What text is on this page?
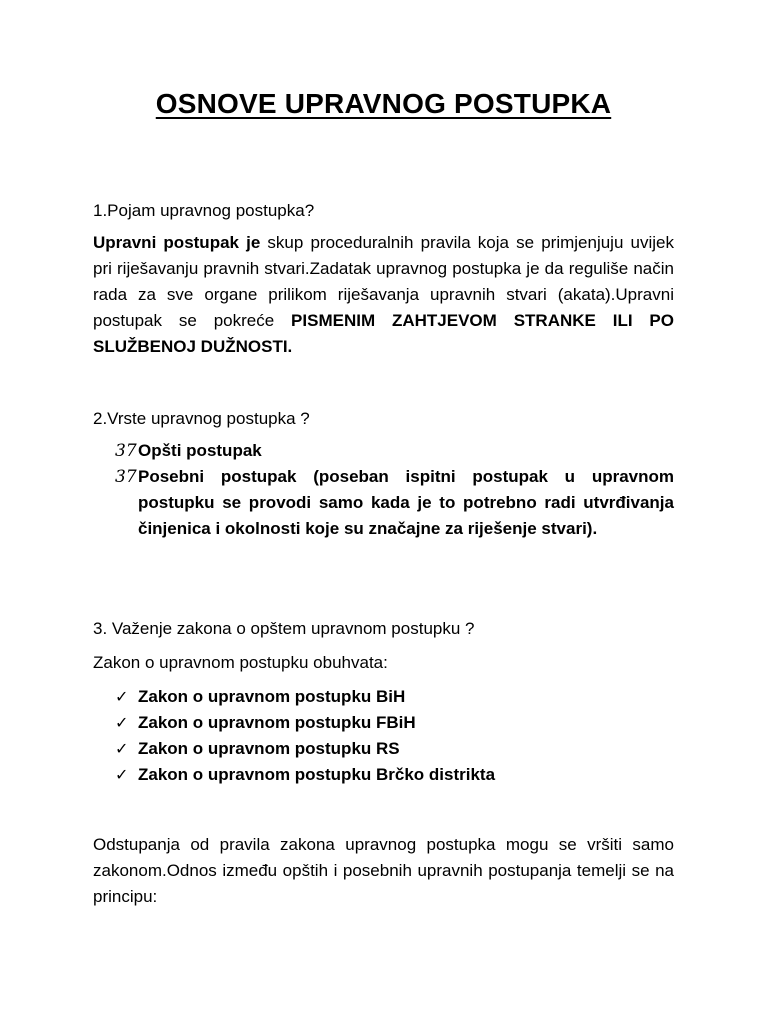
OSNOVE UPRAVNOG POSTUPKA

1.Pojam upravnog postupka?

Upravni postupak je skup proceduralnih pravila koja se primjenjuju uvijek pri riješavanju pravnih stvari.Zadatak upravnog postupka je da reguliše način rada za sve organe prilikom riješavanja upravnih stvari (akata).Upravni postupak se pokreće PISMENIM ZAHTJEVOM STRANKE ILI PO SLUŽBENOJ DUŽNOSTI.

2.Vrste upravnog postupka ?

37 Opšti postupak
37 Posebni postupak (poseban ispitni postupak u upravnom postupku se provodi samo kada je to potrebno radi utvrđivanja činjenica i okolnosti koje su značajne za riješenje stvari).

3. Važenje zakona o opštem upravnom postupku ?

Zakon o upravnom postupku obuhvata:

✓ Zakon o upravnom postupku BiH
✓ Zakon o upravnom postupku FBiH
✓ Zakon o upravnom postupku RS
✓ Zakon o upravnom postupku Brčko distrikta

Odstupanja od pravila zakona upravnog postupka mogu se vršiti samo zakonom.Odnos između opštih i posebnih upravnih postupanja temelji se na principu:
